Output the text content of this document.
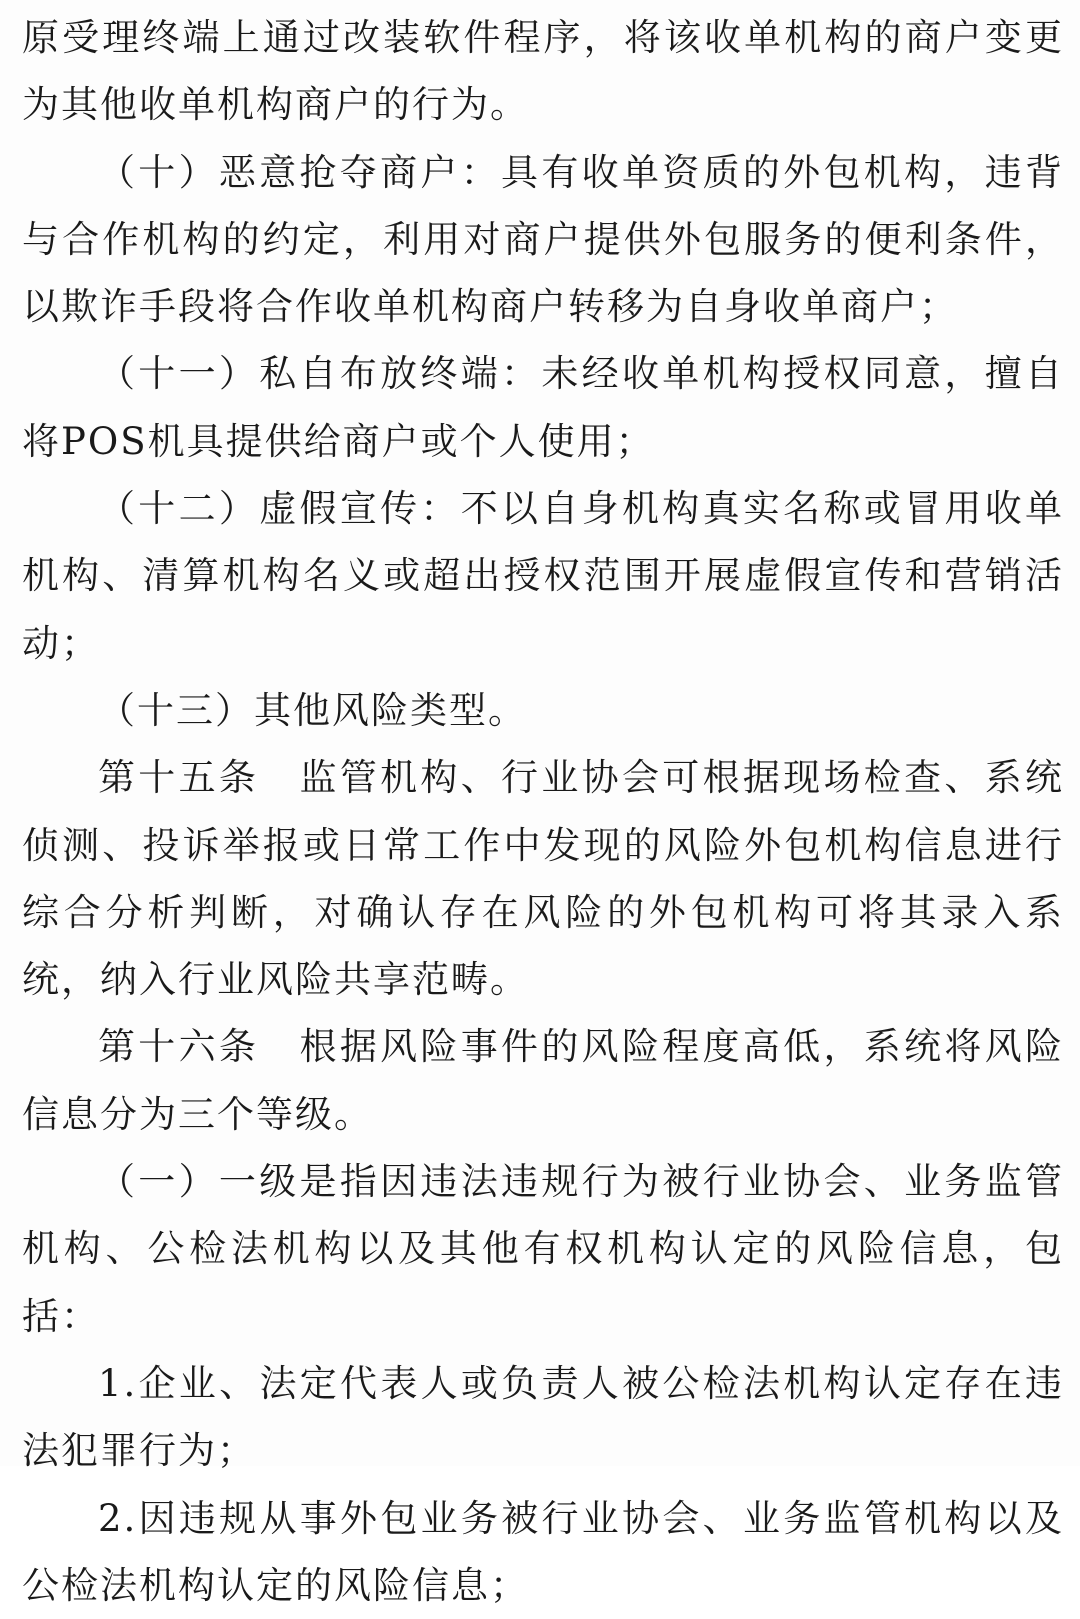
原受理终端上通过改装软件程序，将该收单机构的商户变更为其他收单机构商户的行为。

（十）恶意抢夺商户：具有收单资质的外包机构，违背与合作机构的约定，利用对商户提供外包服务的便利条件，以欺诈手段将合作收单机构商户转移为自身收单商户；

（十一）私自布放终端：未经收单机构授权同意，擅自将POS机具提供给商户或个人使用；

（十二）虚假宣传：不以自身机构真实名称或冒用收单机构、清算机构名义或超出授权范围开展虚假宣传和营销活动；

（十三）其他风险类型。

第十五条　监管机构、行业协会可根据现场检查、系统侦测、投诉举报或日常工作中发现的风险外包机构信息进行综合分析判断，对确认存在风险的外包机构可将其录入系统，纳入行业风险共享范畴。

第十六条　根据风险事件的风险程度高低，系统将风险信息分为三个等级。

（一）一级是指因违法违规行为被行业协会、业务监管机构、公检法机构以及其他有权机构认定的风险信息，包括：

1.企业、法定代表人或负责人被公检法机构认定存在违法犯罪行为；

2.因违规从事外包业务被行业协会、业务监管机构以及公检法机构认定的风险信息；
